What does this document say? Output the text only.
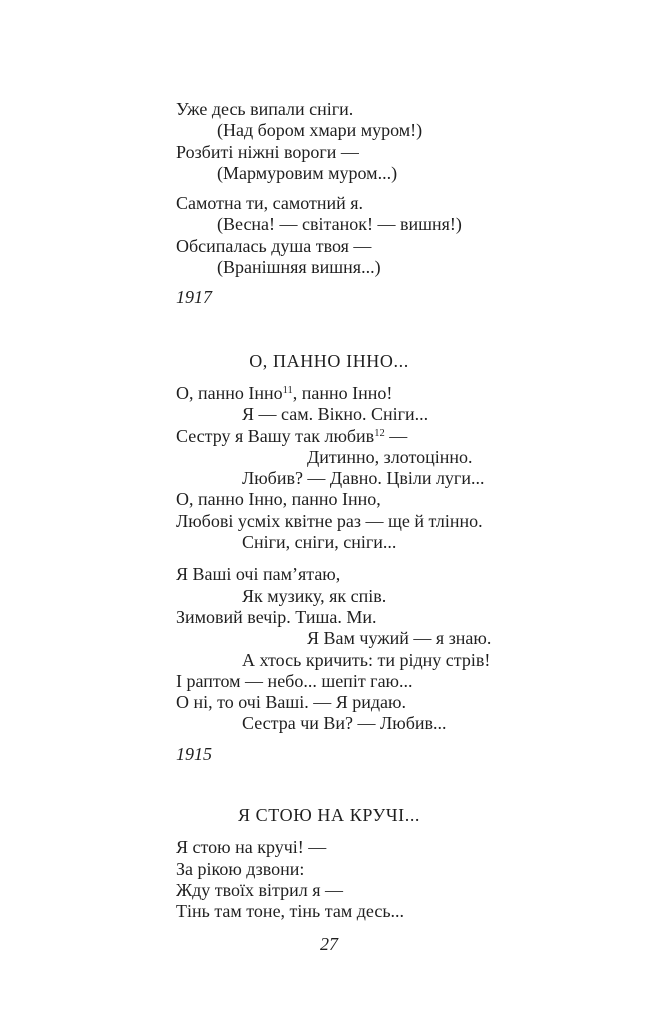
Уже десь випали сніги.

(Над бором хмари муром!)

Розбиті ніжні вороги —

(Мармуровим муром...)

Самотна ти, самотний я.

(Весна! — світанок! — вишня!)

Обсипалась душа твоя —

(Вранішняя вишня...)

1917

О, ПАННО ІННО...

О, панно Інно$^{11}$, панно Інно!

Я — сам. Вікно. Сніги...

Сестру я Вашу так любив$^{12}$ —

Дитинно, злотоцінно.

Любив? — Давно. Цвіли луги...

О, панно Інно, панно Інно,

Любові усміх квітне раз — ще й тлінно.

Сніги, сніги, сніги...

Я Ваші очі пам’ятаю,

Як музику, як спів.

Зимовий вечір. Тиша. Ми.

Я Вам чужий — я знаю.

А хтось кричить: ти рідну стрів!

І раптом — небо... шепіт гаю...

О ні, то очі Ваші. — Я ридаю.

Сестра чи Ви? — Любив...

1915

Я СТОЮ НА КРУЧІ...

Я стою на кручі! —

За рікою дзвони:

Жду твоїх вітрил я —

Тінь там тоне, тінь там десь...

27
